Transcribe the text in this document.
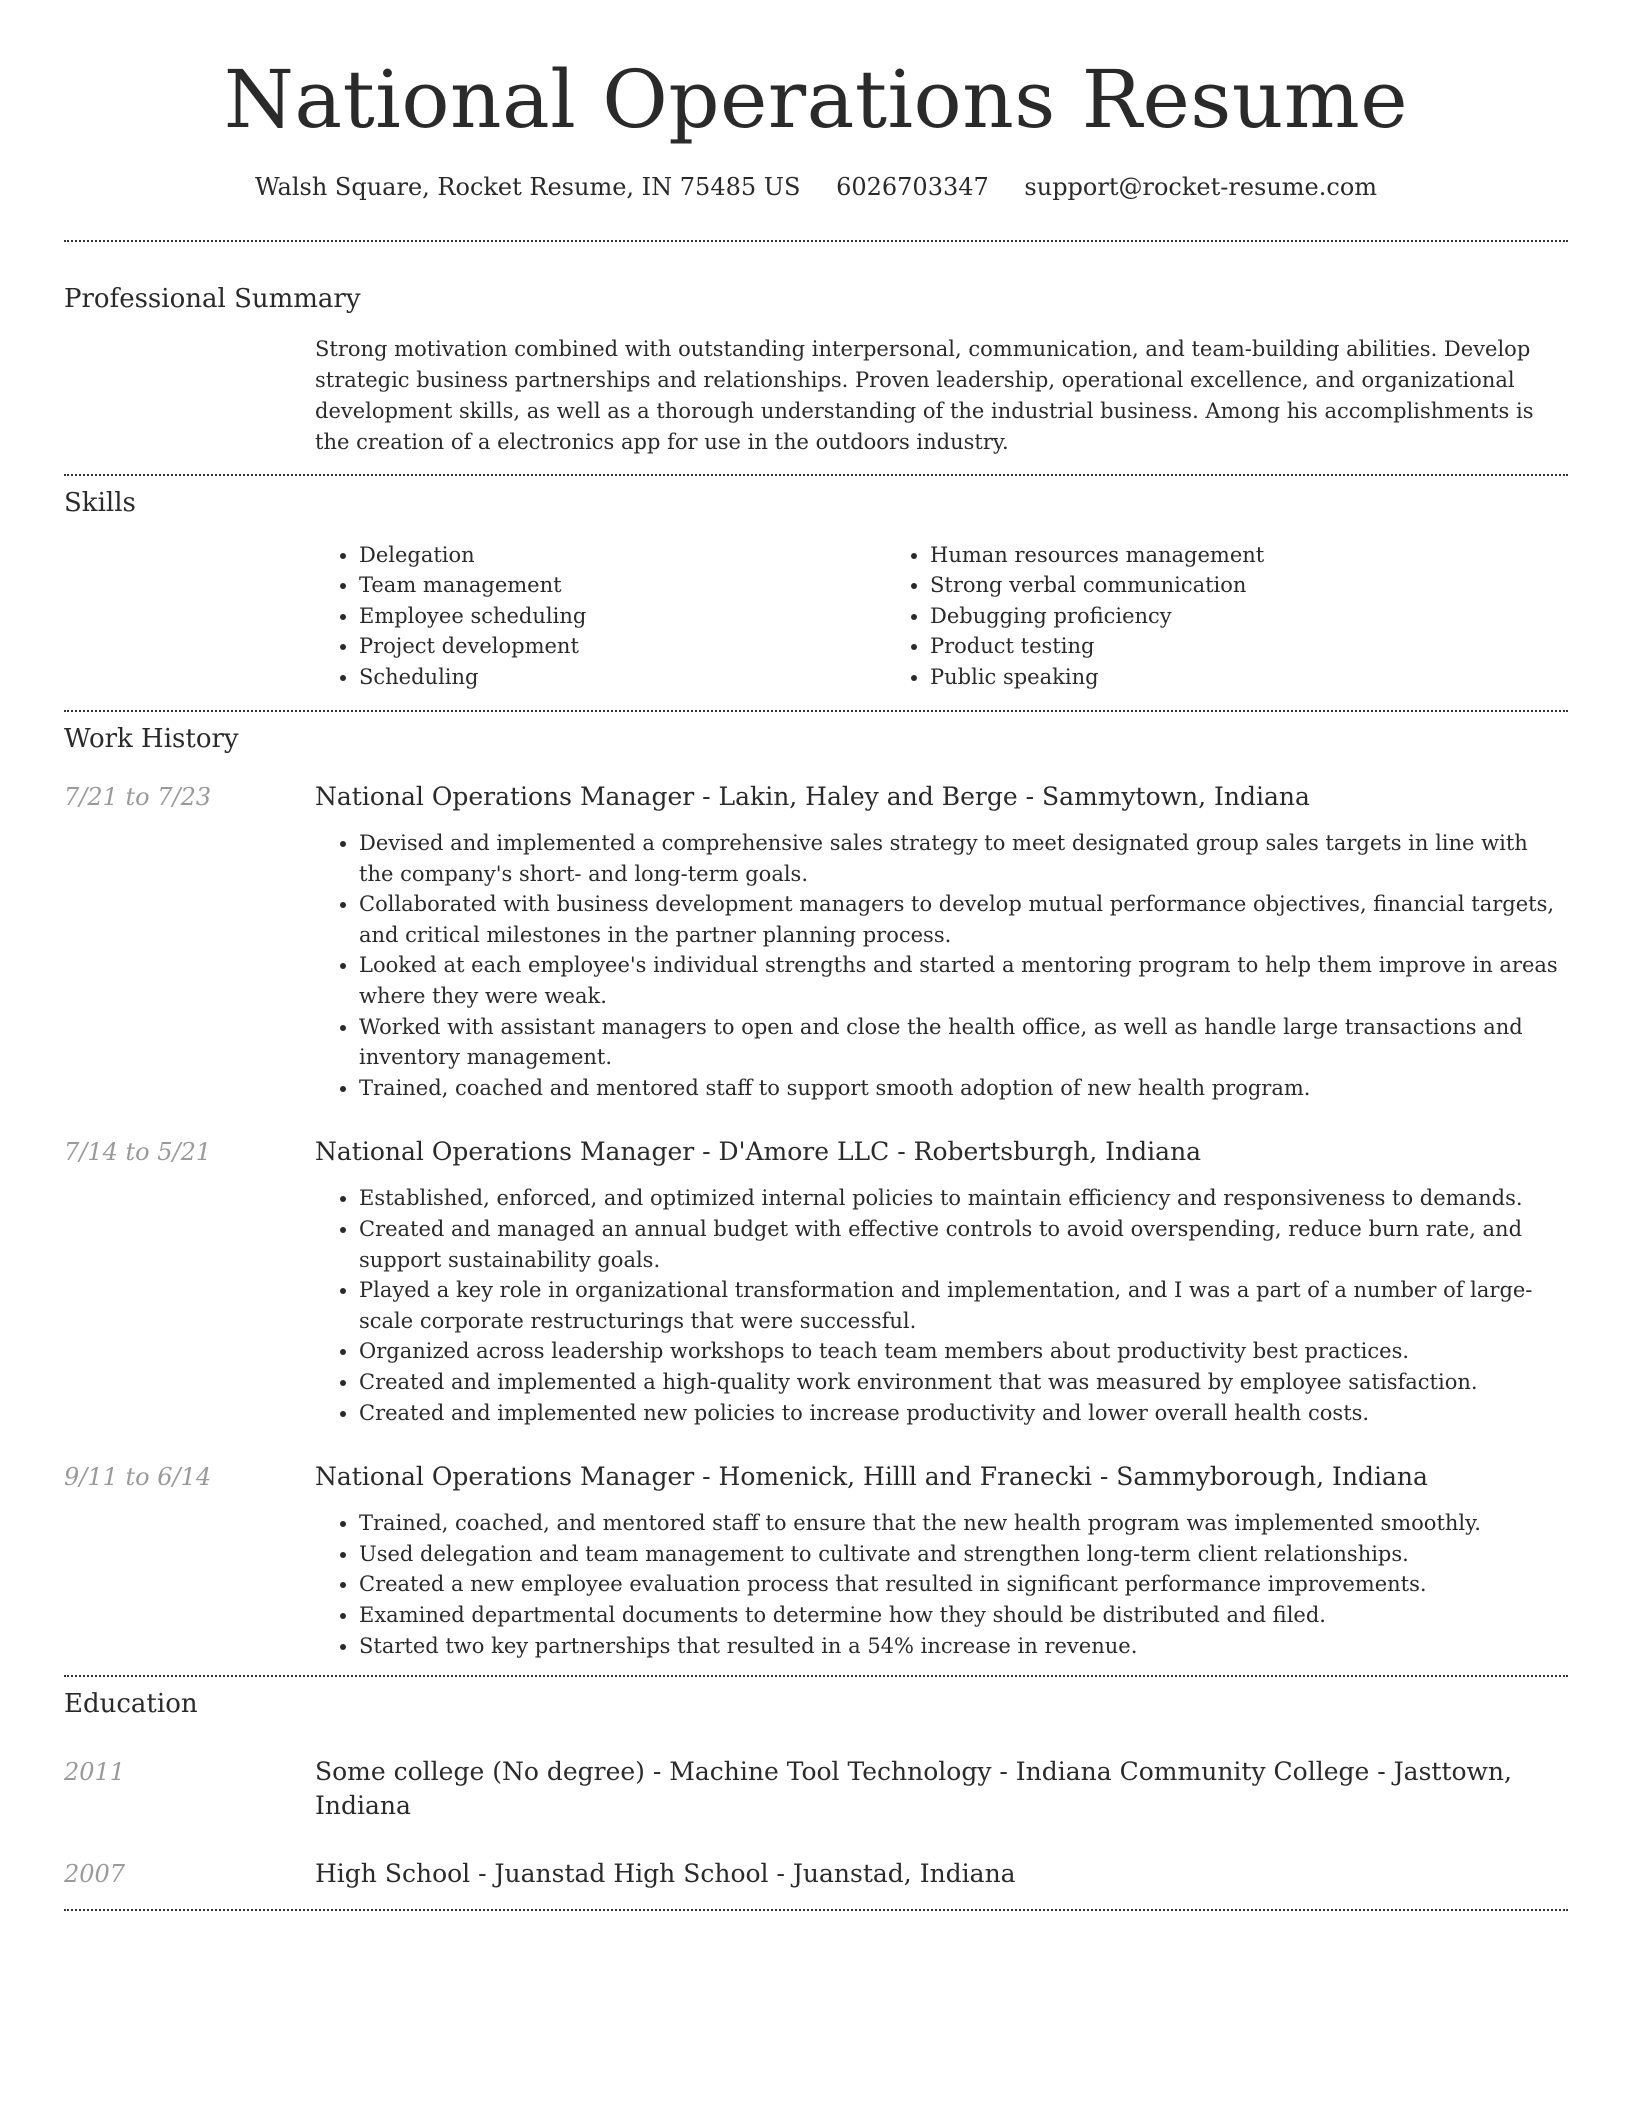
National Operations Resume
Walsh Square, Rocket Resume, IN 75485 US 6026703347 support@rocket-resume.com
Professional Summary
Strong motivation combined with outstanding interpersonal, communication, and team-building abilities. Develop strategic business partnerships and relationships. Proven leadership, operational excellence, and organizational development skills, as well as a thorough understanding of the industrial business. Among his accomplishments is the creation of a electronics app for use in the outdoors industry.
Skills
• Delegation
• Team management
• Employee scheduling
• Project development
• Scheduling
• Human resources management
• Strong verbal communication
• Debugging proficiency
• Product testing
• Public speaking
Work History
7/21 to 7/23	National Operations Manager - Lakin, Haley and Berge - Sammytown, Indiana
• Devised and implemented a comprehensive sales strategy to meet designated group sales targets in line with the company's short- and long-term goals.
• Collaborated with business development managers to develop mutual performance objectives, financial targets, and critical milestones in the partner planning process.
• Looked at each employee's individual strengths and started a mentoring program to help them improve in areas where they were weak.
• Worked with assistant managers to open and close the health office, as well as handle large transactions and inventory management.
• Trained, coached and mentored staff to support smooth adoption of new health program.
7/14 to 5/21	National Operations Manager - D'Amore LLC - Robertsburgh, Indiana
• Established, enforced, and optimized internal policies to maintain efficiency and responsiveness to demands.
• Created and managed an annual budget with effective controls to avoid overspending, reduce burn rate, and support sustainability goals.
• Played a key role in organizational transformation and implementation, and I was a part of a number of large-scale corporate restructurings that were successful.
• Organized across leadership workshops to teach team members about productivity best practices.
• Created and implemented a high-quality work environment that was measured by employee satisfaction.
• Created and implemented new policies to increase productivity and lower overall health costs.
9/11 to 6/14	National Operations Manager - Homenick, Hilll and Franecki - Sammyborough, Indiana
• Trained, coached, and mentored staff to ensure that the new health program was implemented smoothly.
• Used delegation and team management to cultivate and strengthen long-term client relationships.
• Created a new employee evaluation process that resulted in significant performance improvements.
• Examined departmental documents to determine how they should be distributed and filed.
• Started two key partnerships that resulted in a 54% increase in revenue.
Education
2011	Some college (No degree) - Machine Tool Technology - Indiana Community College - Jasttown, Indiana
2007	High School - Juanstad High School - Juanstad, Indiana
